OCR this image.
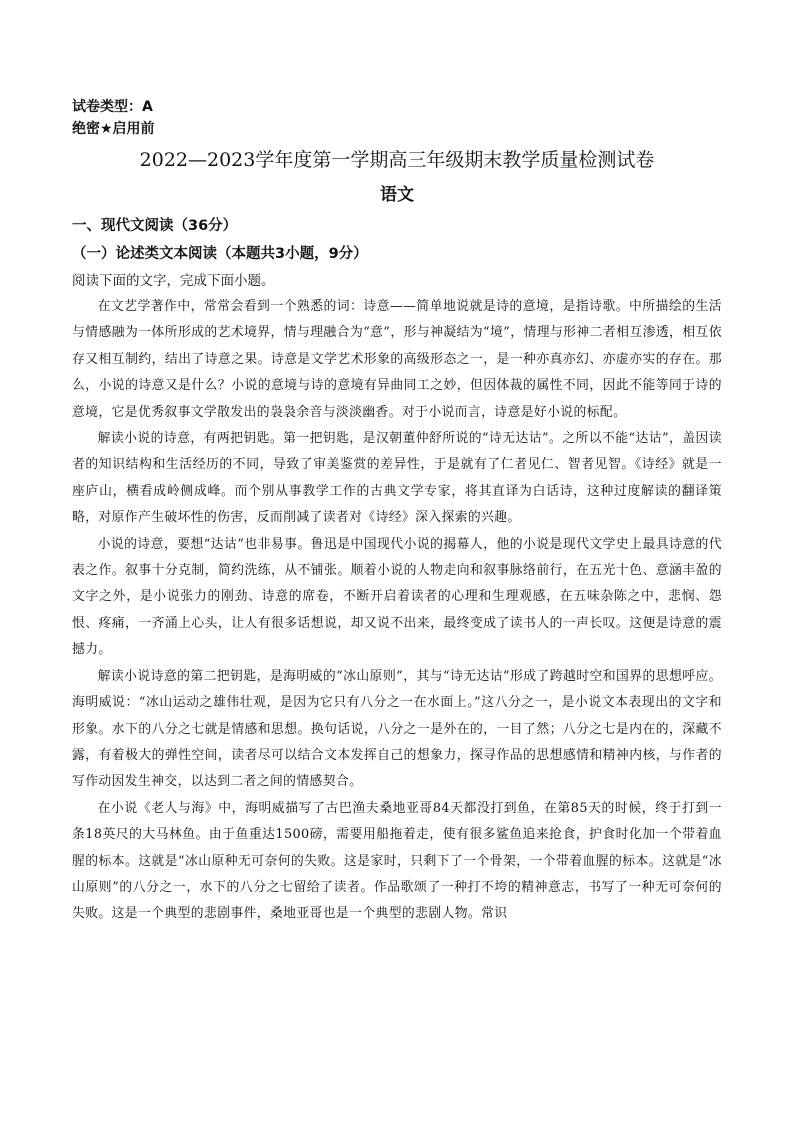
试卷类型：A
绝密★启用前
2022—2023学年度第一学期高三年级期末教学质量检测试卷
语文
一、现代文阅读（36分）
（一）论述类文本阅读（本题共3小题，9分）
阅读下面的文字，完成下面小题。

在文艺学著作中，常常会看到一个熟悉的词：诗意——简单地说就是诗的意境，是指诗歌。中所描绘的生活与情感融为一体所形成的艺术境界，情与理融合为“意”，形与神凝结为“境”，情理与形神二者相互渗透，相互依存又相互制约，结出了诗意之果。诗意是文学艺术形象的高级形态之一，是一种亦真亦幻、亦虚亦实的存在。那么，小说的诗意又是什么？小说的意境与诗的意境有异曲同工之妙，但因体裁的属性不同，因此不能等同于诗的意境，它是优秀叙事文学散发出的袅袅余音与淡淡幽香。对于小说而言，诗意是好小说的标配。

解读小说的诗意，有两把钥匙。第一把钥匙，是汉朝董仲舒所说的“诗无达诂”。之所以不能“达诂”，盖因读者的知识结构和生活经历的不同，导致了审美鉴赏的差异性，于是就有了仁者见仁、智者见智。《诗经》就是一座庐山，横看成岭侧成峰。而个别从事教学工作的古典文学专家，将其直译为白话诗，这种过度解读的翻译策略，对原作产生破坏性的伤害，反而削减了读者对《诗经》深入探索的兴趣。

小说的诗意，要想“达诂”也非易事。鲁迅是中国现代小说的揭幕人，他的小说是现代文学史上最具诗意的代表之作。叙事十分克制，简约洗练，从不铺张。顺着小说的人物走向和叙事脉络前行，在五光十色、意涵丰盈的文字之外，是小说张力的刚劲、诗意的席卷，不断开启着读者的心理和生理观感，在五味杂陈之中，悲悯、怨恨、疼痛，一齐涌上心头，让人有很多话想说，却又说不出来，最终变成了读书人的一声长叹。这便是诗意的震撼力。

解读小说诗意的第二把钥匙，是海明威的“冰山原则”，其与“诗无达诂”形成了跨越时空和国界的思想呼应。海明威说：“冰山运动之雄伟壮观，是因为它只有八分之一在水面上。”这八分之一，是小说文本表现出的文字和形象。水下的八分之七就是情感和思想。换句话说，八分之一是外在的，一目了然；八分之七是内在的，深藏不露，有着极大的弹性空间，读者尽可以结合文本发挥自己的想象力，探寻作品的思想感情和精神内核，与作者的写作动因发生神交，以达到二者之间的情感契合。

在小说《老人与海》中，海明威描写了古巴渔夫桑地亚哥84天都没打到鱼，在第85天的时候，终于打到一条18英尺的大马林鱼。由于鱼重达1500磅，需要用船拖着走，使有很多鲨鱼追来抢食，护食时化加一个带着血腥的标本。这就是“冰山原种无可奈何的失败。这是家时，只剩下了一个骨架，一个带着血腥的标本。这就是“冰山原则”的八分之一，水下的八分之七留给了读者。作品歌颂了一种打不垮的精神意志，书写了一种无可奈何的失败。这是一个典型的悲剧事件，桑地亚哥也是一个典型的悲剧人物。常识
